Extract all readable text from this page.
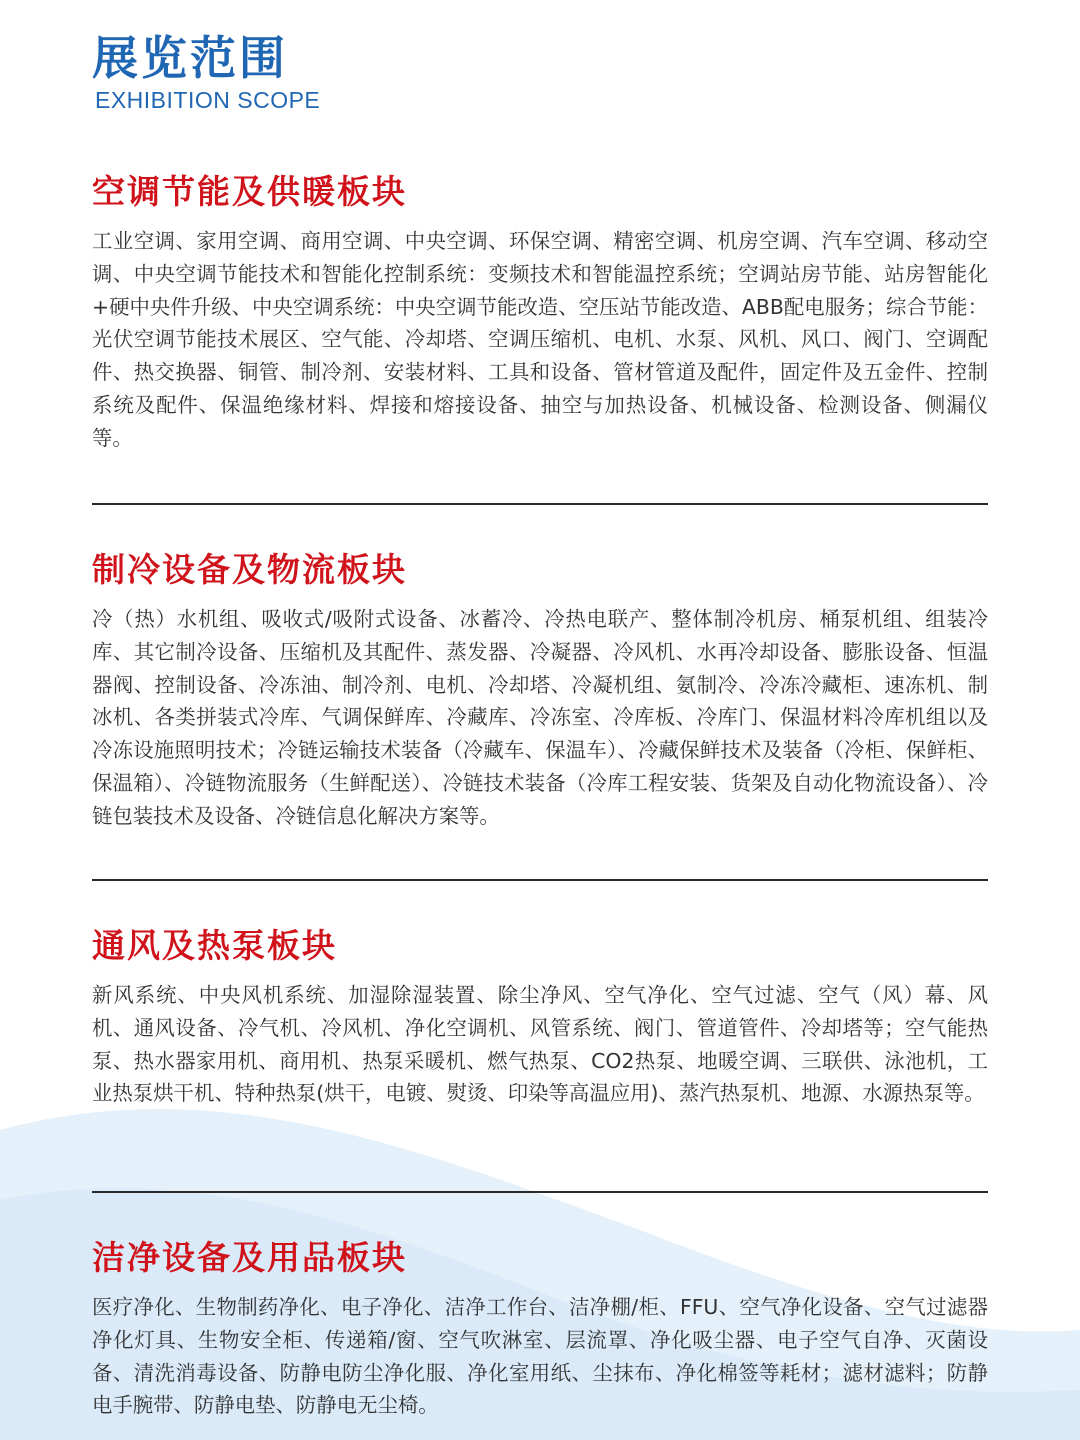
展览范围
EXHIBITION SCOPE
空调节能及供暖板块

工业空调、家用空调、商用空调、中央空调、环保空调、精密空调、机房空调、汽车空调、移动空调、中央空调节能技术和智能化控制系统：变频技术和智能温控系统；空调站房节能、站房智能化+硬中央件升级、中央空调系统：中央空调节能改造、空压站节能改造、ABB配电服务；综合节能：光伏空调节能技术展区、空气能、冷却塔、空调压缩机、电机、水泵、风机、风口、阀门、空调配件、热交换器、铜管、制冷剂、安装材料、工具和设备、管材管道及配件，固定件及五金件、控制系统及配件、保温绝缘材料、焊接和熔接设备、抽空与加热设备、机械设备、检测设备、侧漏仪等。

制冷设备及物流板块

冷（热）水机组、吸收式/吸附式设备、冰蓄冷、冷热电联产、整体制冷机房、桶泵机组、组装冷库、其它制冷设备、压缩机及其配件、蒸发器、冷凝器、冷风机、水再冷却设备、膨胀设备、恒温器阀、控制设备、冷冻油、制冷剂、电机、冷却塔、冷凝机组、氨制冷、冷冻冷藏柜、速冻机、制冰机、各类拼装式冷库、气调保鲜库、冷藏库、冷冻室、冷库板、冷库门、保温材料冷库机组以及冷冻设施照明技术；冷链运输技术装备（冷藏车、保温车）、冷藏保鲜技术及装备（冷柜、保鲜柜、保温箱）、冷链物流服务（生鲜配送）、冷链技术装备（冷库工程安装、货架及自动化物流设备）、冷链包装技术及设备、冷链信息化解决方案等。

通风及热泵板块

新风系统、中央风机系统、加湿除湿装置、除尘净风、空气净化、空气过滤、空气（风）幕、风机、通风设备、冷气机、冷风机、净化空调机、风管系统、阀门、管道管件、冷却塔等；空气能热泵、热水器家用机、商用机、热泵采暖机、燃气热泵、CO2热泵、地暖空调、三联供、泳池机，工业热泵烘干机、特种热泵(烘干，电镀、熨烫、印染等高温应用)、蒸汽热泵机、地源、水源热泵等。

洁净设备及用品板块

医疗净化、生物制药净化、电子净化、洁净工作台、洁净棚/柜、FFU、空气净化设备、空气过滤器净化灯具、生物安全柜、传递箱/窗、空气吹淋室、层流罩、净化吸尘器、电子空气自净、灭菌设备、清洗消毒设备、防静电防尘净化服、净化室用纸、尘抹布、净化棉签等耗材；滤材滤料；防静电手腕带、防静电垫、防静电无尘椅。
